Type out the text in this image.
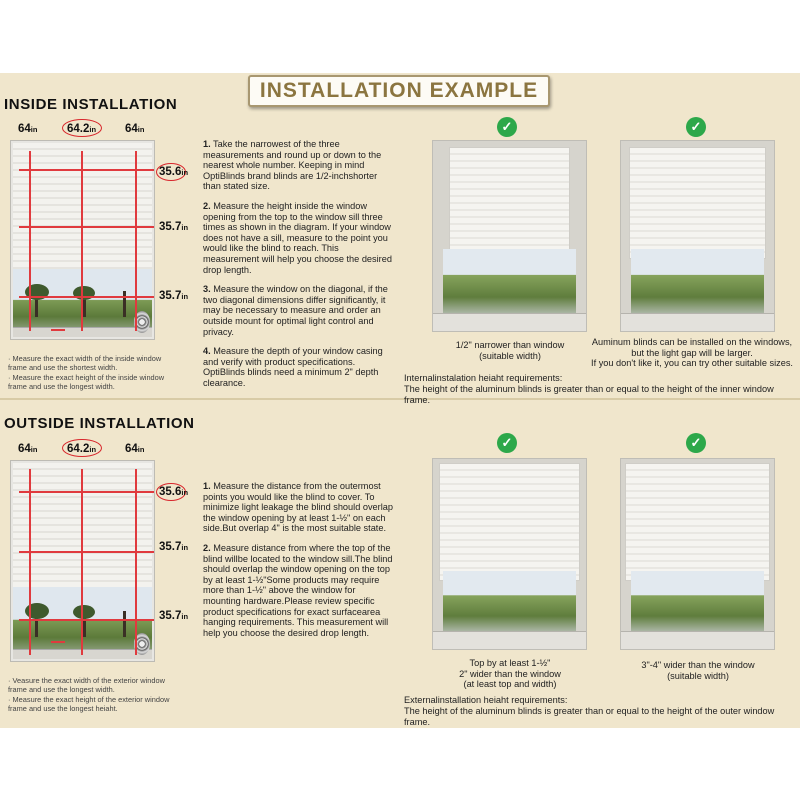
INSTALLATION EXAMPLE
INSIDE INSTALLATION
64in	64.2in	64in
35.6in
35.7in
35.7in

1. Take the narrowest of the three measurements and round up or down to the nearest whole number. Keeping in mind OptiBlinds brand blinds are 1/2-inchshorter than stated size.

2. Measure the height inside the window opening from the top to the window sill three times as shown in the diagram. If your window does not have a sill, measure to the point you would like the blind to reach. This measurement will help you choose the desired drop length.

3. Measure the window on the diagonal, if the two diagonal dimensions differ significantly, it may be necessary to measure and order an outside mount for optimal light control and privacy.

4. Measure the depth of your window casing and verify with product specifications. OptiBlinds blinds need a minimum 2" depth clearance.

· Measure the exact width of the inside window frame and use the shortest width.
· Measure the exact height of the inside window frame and use the longest width.
✓	✓
1/2" narrower than window
(suitable width)
Auminum blinds can be installed on the windows,
but the light gap will be larger.
If you don't like it, you can try other suitable sizes.
Internalinstalation heiaht requirements:
The height of the aluminum blinds is greater than or equal to the height of the inner window frame.
OUTSIDE INSTALLATION
64in	64.2in	64in
35.6in
35.7in
35.7in

1. Measure the distance from the outermost points you would like the blind to cover. To minimize light leakage the blind should overlap the window opening by at least 1-½" on each side.But overlap 4" is the most suitable state.

2. Measure distance from where the top of the blind willbe located to the window sill.The blind should overlap the window opening on the top by at least 1-½"Some products may require more than 1-½" above the window for mounting hardware.Please review specific product specifications for exact surfacearea hanging requirements. This measurement will help you choose the desired drop length.

· Veasure the exact width of the exterior window frame and use the longest width.
· Measure the exact height of the exterior window frame and use the longest heiaht.
✓	✓
Top by at least 1-½"
2" wider than the window
(at least top and width)
3"-4" wider than the window
(suitable width)
Externalinstallation heiaht requirements:
The height of the aluminum blinds is greater than or equal to the height of the outer window frame.
